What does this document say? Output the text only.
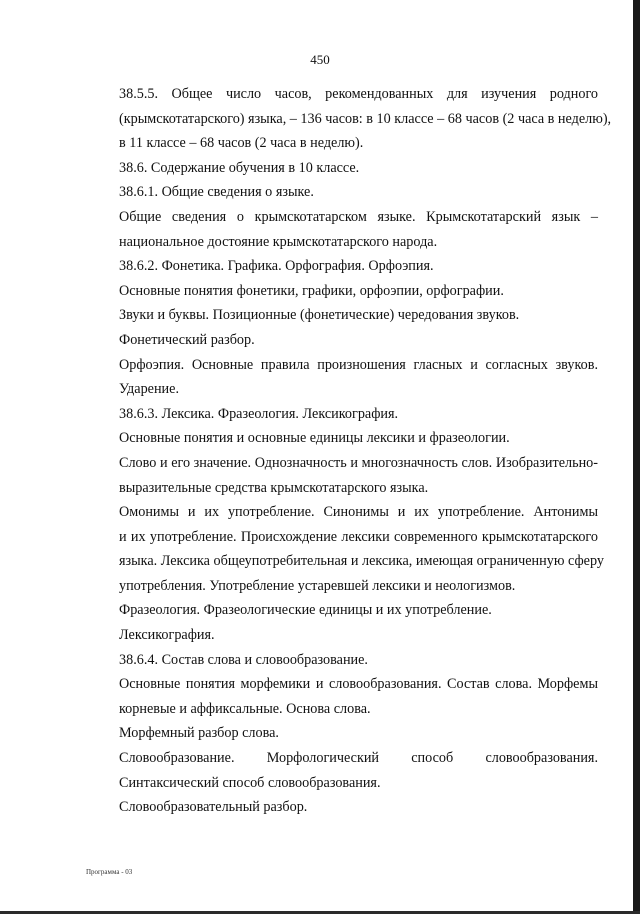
450
38.5.5. Общее число часов, рекомендованных для изучения родного
(крымскотатарского) языка, – 136 часов: в 10 классе – 68 часов (2 часа в неделю),
в 11 классе – 68 часов (2 часа в неделю).
38.6. Содержание обучения в 10 классе.
38.6.1. Общие сведения о языке.
Общие сведения о крымскотатарском языке. Крымскотатарский язык –
национальное достояние крымскотатарского народа.
38.6.2. Фонетика. Графика. Орфография. Орфоэпия.
Основные понятия фонетики, графики, орфоэпии, орфографии.
Звуки и буквы. Позиционные (фонетические) чередования звуков.
Фонетический разбор.
Орфоэпия. Основные правила произношения гласных и согласных звуков.
Ударение.
38.6.3. Лексика. Фразеология. Лексикография.
Основные понятия и основные единицы лексики и фразеологии.
Слово и его значение. Однозначность и многозначность слов. Изобразительно-
выразительные средства крымскотатарского языка.
Омонимы и их употребление. Синонимы и их употребление. Антонимы
и их употребление. Происхождение лексики современного крымскотатарского
языка. Лексика общеупотребительная и лексика, имеющая ограниченную сферу
употребления. Употребление устаревшей лексики и неологизмов.
Фразеология. Фразеологические единицы и их употребление.
Лексикография.
38.6.4. Состав слова и словообразование.
Основные понятия морфемики и словообразования. Состав слова. Морфемы
корневые и аффиксальные. Основа слова.
Морфемный разбор слова.
Словообразование. Морфологический способ словообразования.
Синтаксический способ словообразования.
Словообразовательный разбор.
Программа - 03
